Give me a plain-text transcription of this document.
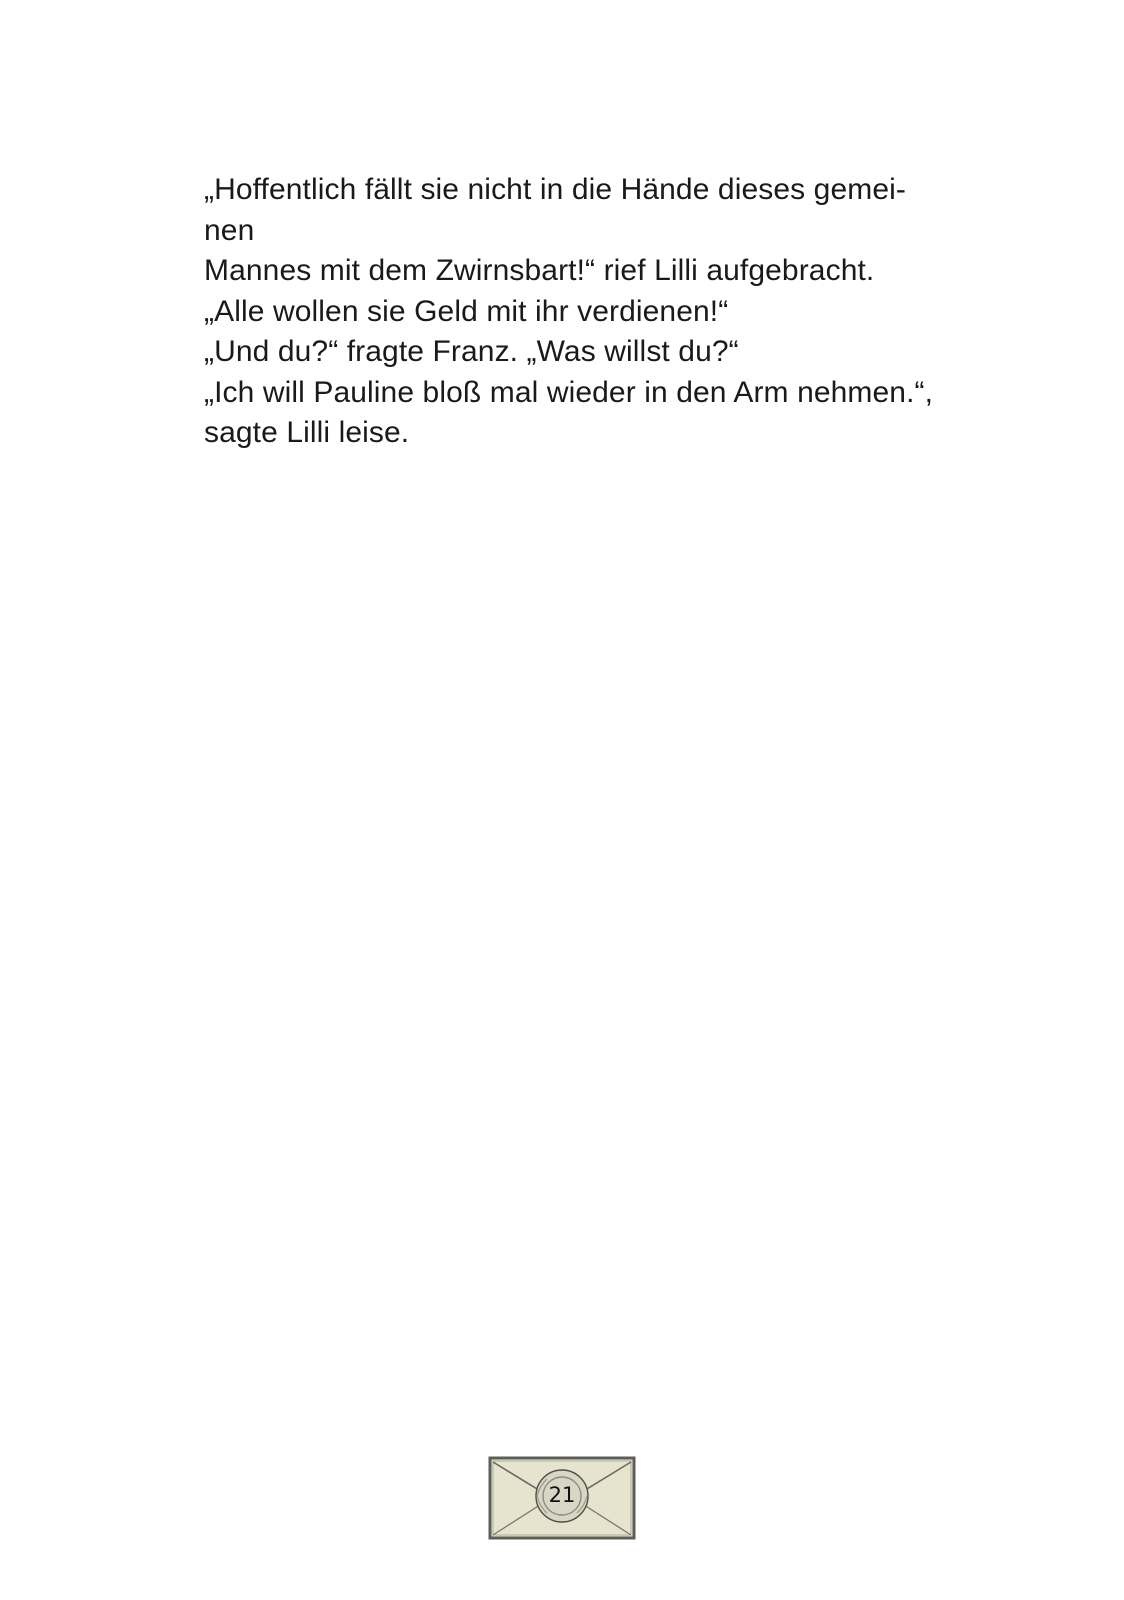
„Hoffentlich fällt sie nicht in die Hände dieses gemei-
nen
Mannes mit dem Zwirnsbart!“ rief Lilli aufgebracht.
„Alle wollen sie Geld mit ihr verdienen!“
„Und du?“ fragte Franz. „Was willst du?“
„Ich will Pauline bloß mal wieder in den Arm nehmen.“,
sagte Lilli leise.
21
